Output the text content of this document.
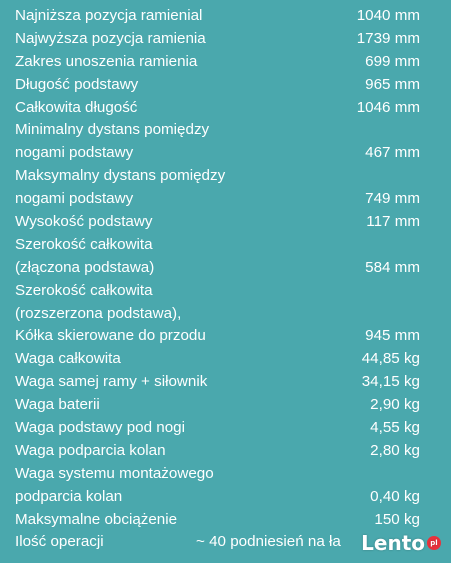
Najniższa pozycja ramienial	1040 mm
Najwyższa pozycja ramienia	1739 mm
Zakres unoszenia ramienia	699 mm
Długość podstawy	965 mm
Całkowita długość	1046 mm
Minimalny dystans pomiędzy
nogami podstawy	467 mm
Maksymalny dystans pomiędzy
nogami podstawy	749 mm
Wysokość podstawy	117 mm
Szerokość całkowita
(złączona podstawa)	584 mm
Szerokość całkowita
(rozszerzona podstawa),
Kółka skierowane do przodu	945 mm
Waga całkowita	44,85 kg
Waga samej ramy + siłownik	34,15 kg
Waga baterii	2,90 kg
Waga podstawy pod nogi	4,55 kg
Waga podparcia kolan	2,80 kg
Waga systemu montażowego
podparcia kolan	0,40 kg
Maksymalne obciążenie	150 kg
Ilość operacji	~ 40 podniesień na ła Lento pl
